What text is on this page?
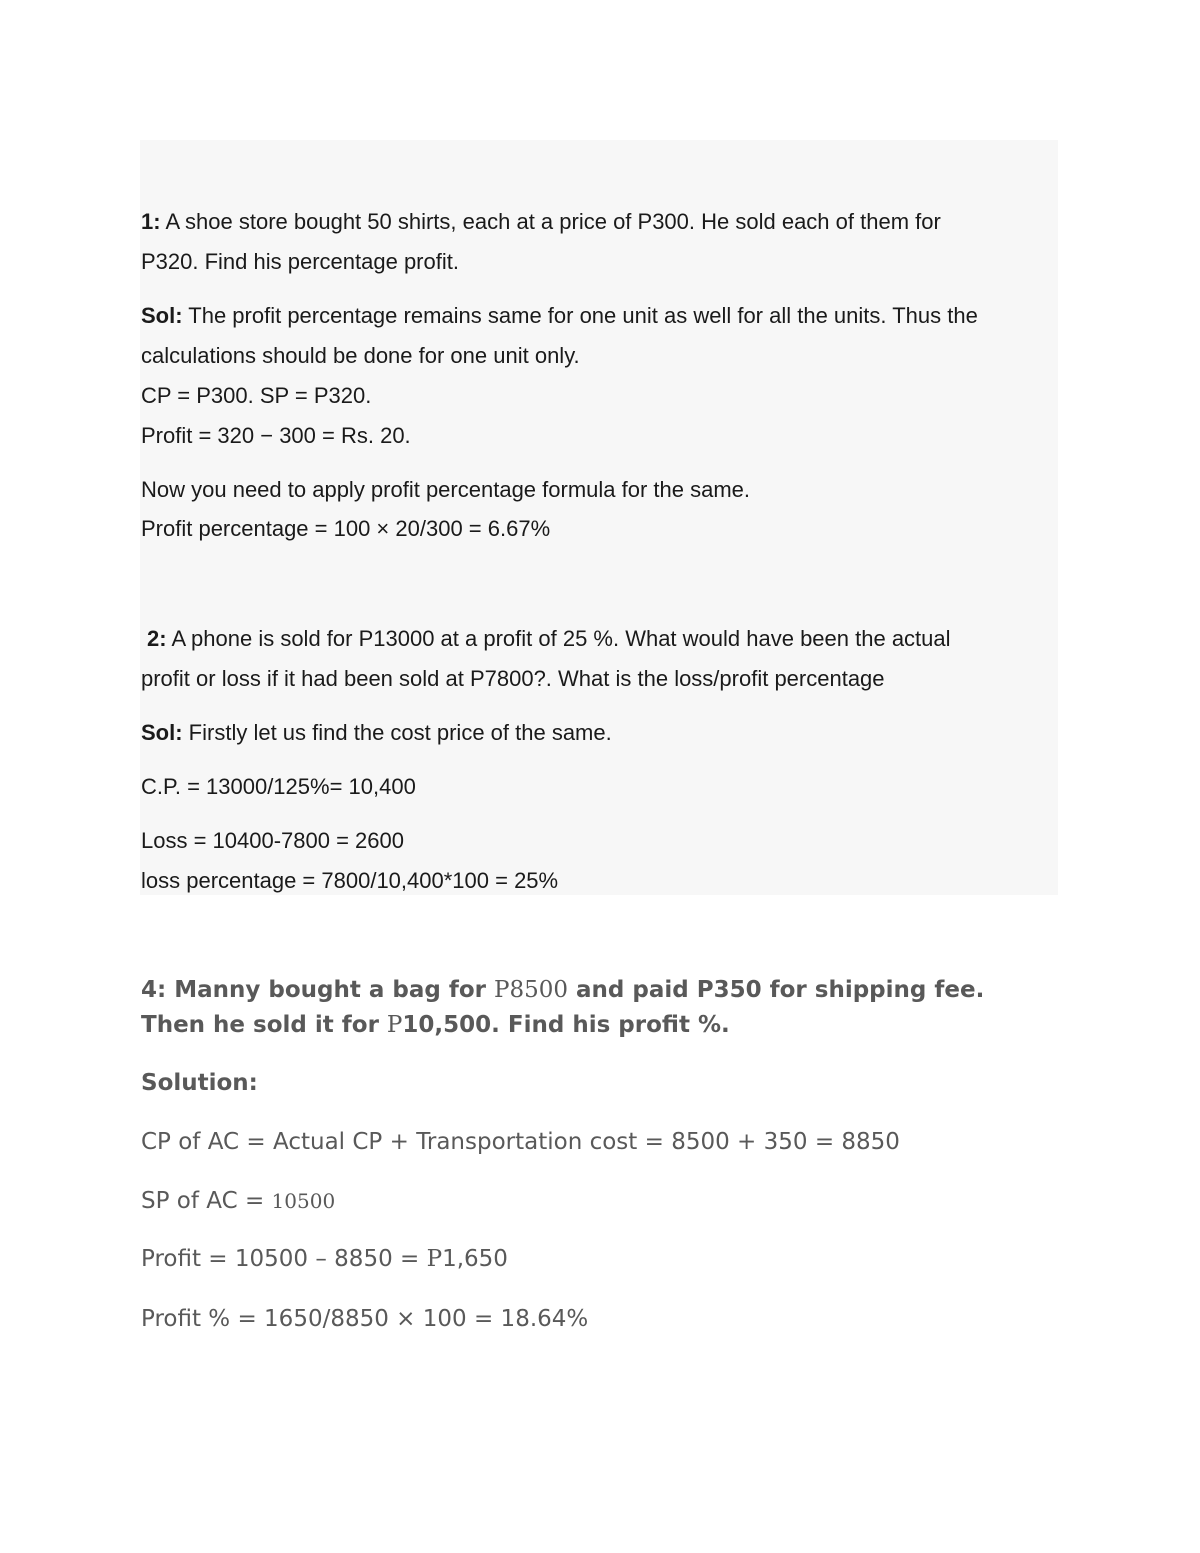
1: A shoe store bought 50 shirts, each at a price of P300. He sold each of them for
P320. Find his percentage profit.
Sol: The profit percentage remains same for one unit as well for all the units. Thus the
calculations should be done for one unit only.
CP = P300. SP = P320.
Profit = 320 − 300 = Rs. 20.
Now you need to apply profit percentage formula for the same.
Profit percentage = 100 × 20/300 = 6.67%
2: A phone is sold for P13000 at a profit of 25 %. What would have been the actual
profit or loss if it had been sold at P7800?. What is the loss/profit percentage
Sol: Firstly let us find the cost price of the same.
C.P. = 13000/125%= 10,400
Loss = 10400-7800 = 2600
loss percentage = 7800/10,400*100 = 25%
4: Manny bought a bag for P8500 and paid P350 for shipping fee.
Then he sold it for P10,500. Find his profit %.
Solution:
CP of AC = Actual CP + Transportation cost = 8500 + 350 = 8850
SP of AC = 10500
Profit = 10500 – 8850 = P1,650
Profit % = 1650/8850 × 100 = 18.64%
